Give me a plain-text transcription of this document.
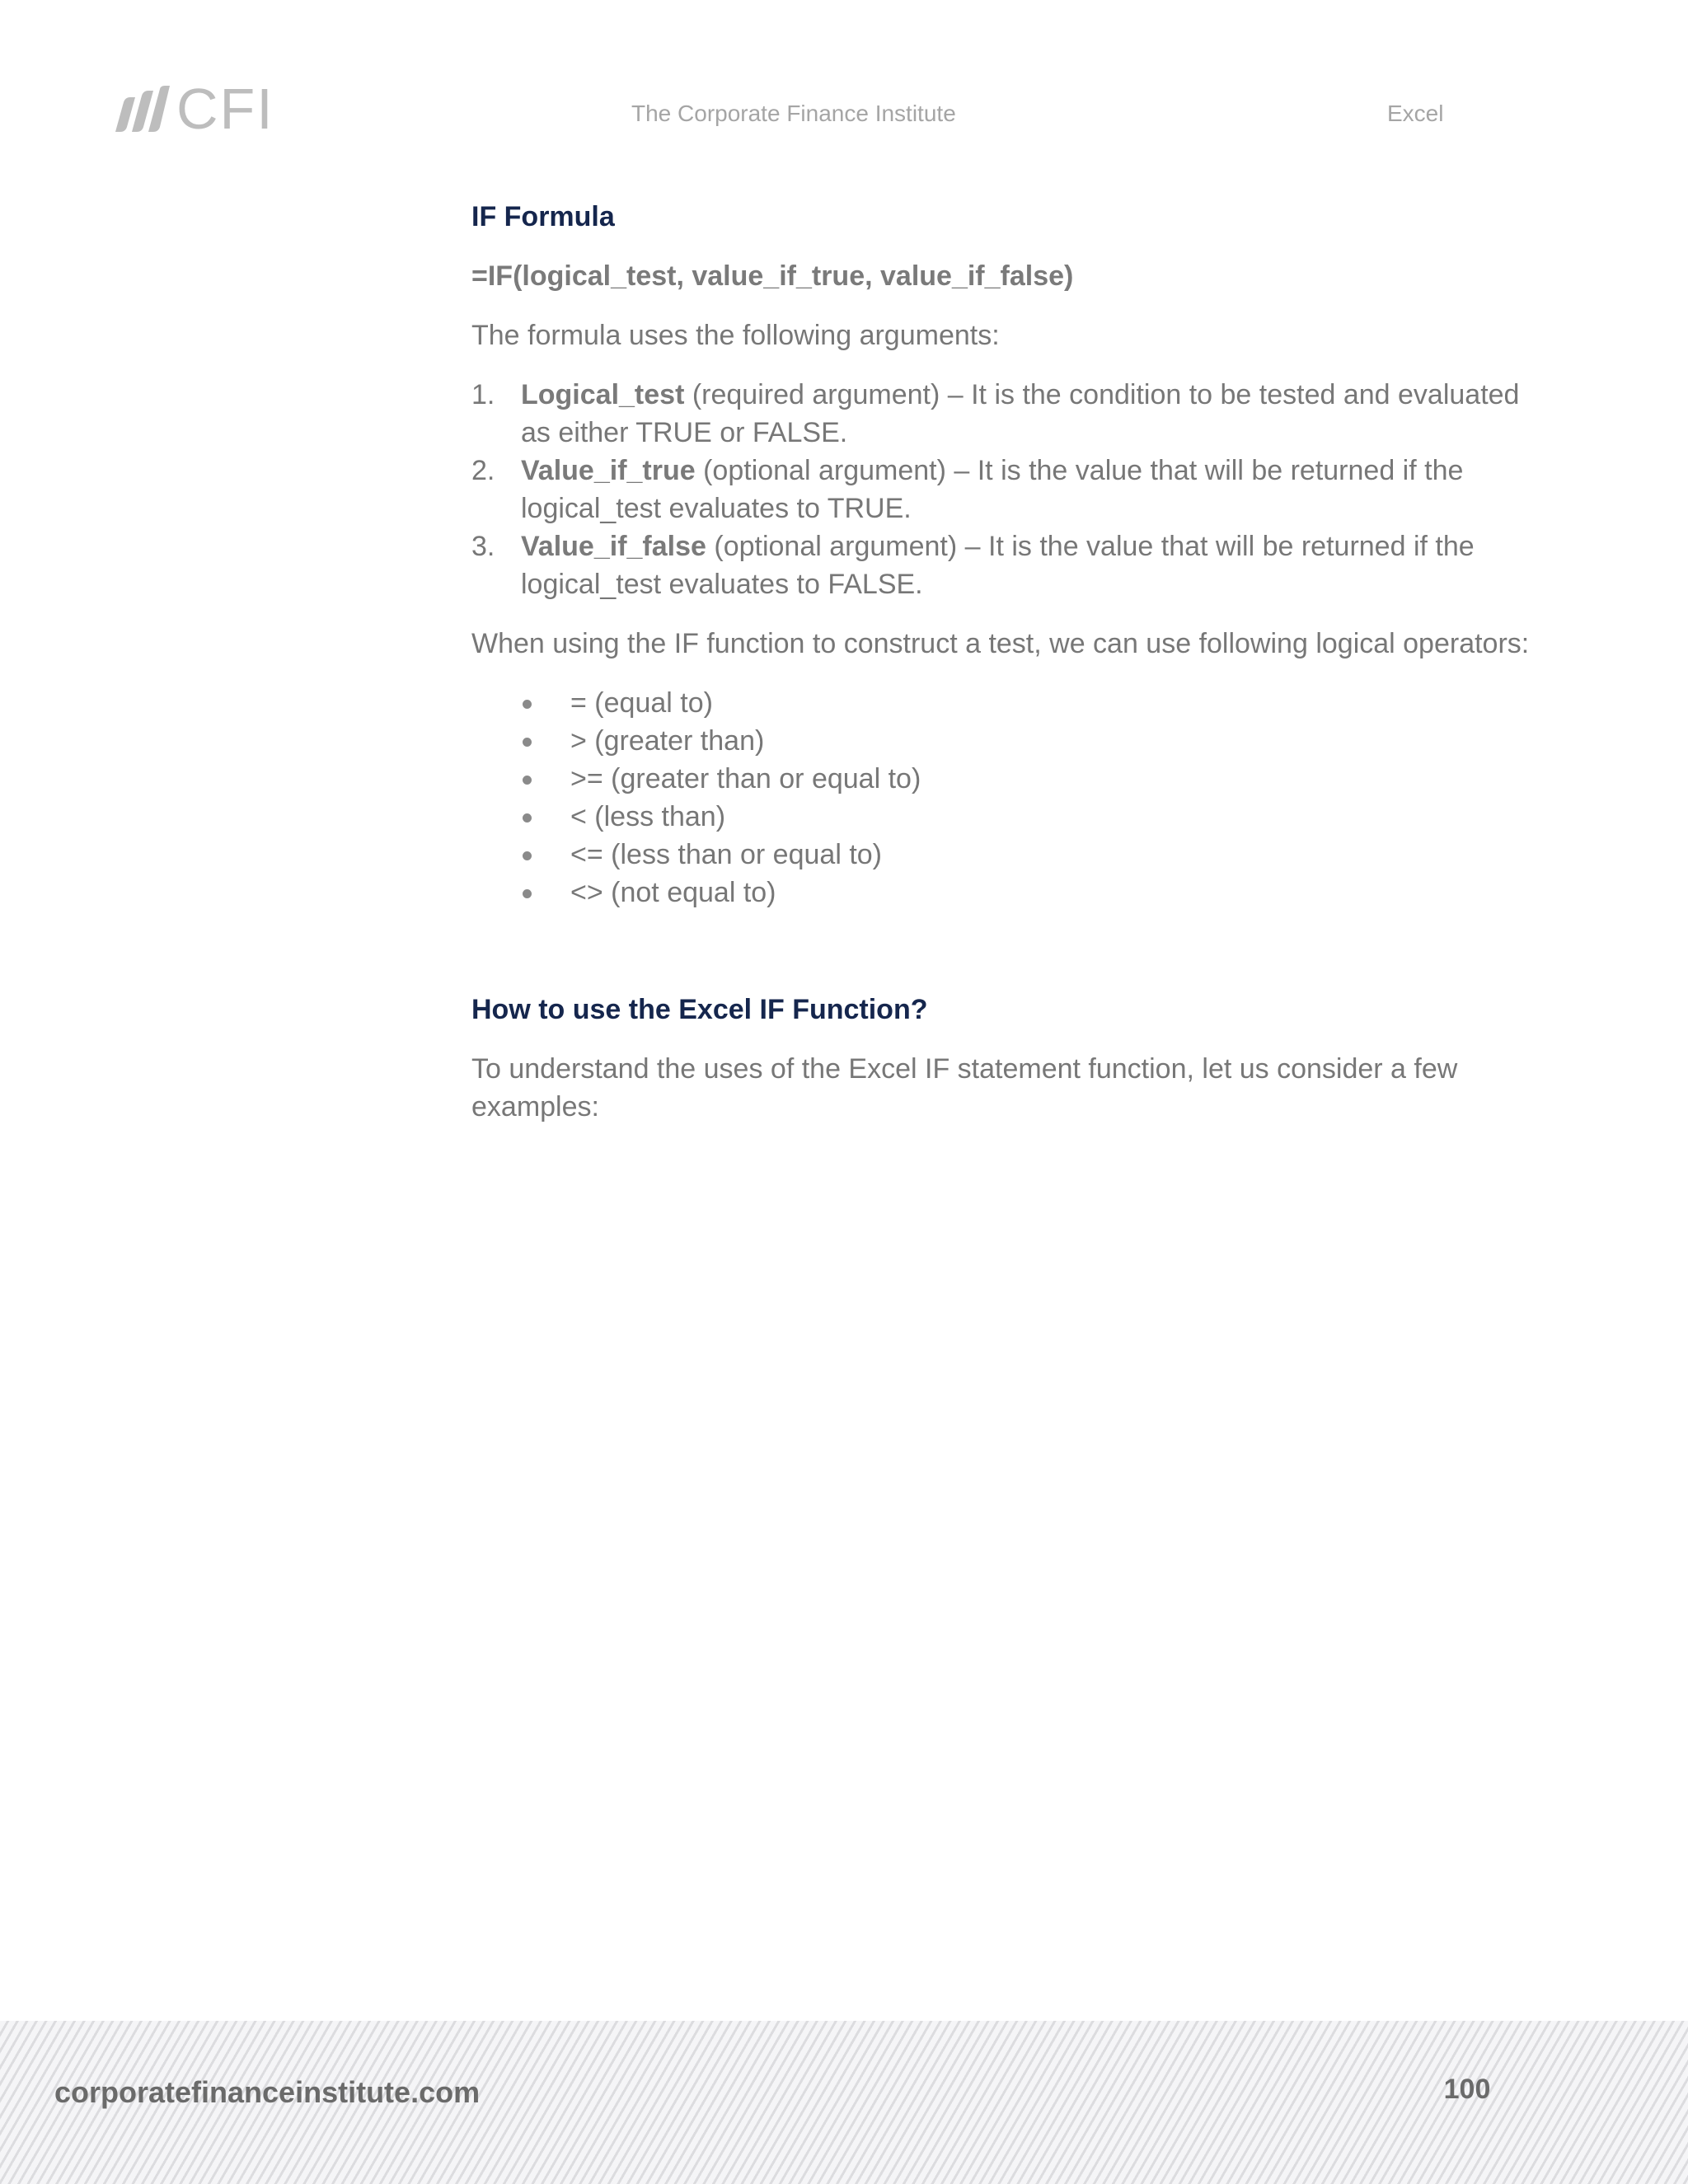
CFI	The Corporate Finance Institute	Excel
IF Formula

=IF(logical_test, value_if_true, value_if_false)

The formula uses the following arguments:

1. Logical_test (required argument) – It is the condition to be tested and evaluated as either TRUE or FALSE.
2. Value_if_true (optional argument) – It is the value that will be returned if the logical_test evaluates to TRUE.
3. Value_if_false (optional argument) – It is the value that will be returned if the logical_test evaluates to FALSE.

When using the IF function to construct a test, we can use following logical operators:

= (equal to)
> (greater than)
>= (greater than or equal to)
< (less than)
<= (less than or equal to)
<> (not equal to)
How to use the Excel IF Function?

To understand the uses of the Excel IF statement function, let us consider a few examples:

corporatefinanceinstitute.com	100
